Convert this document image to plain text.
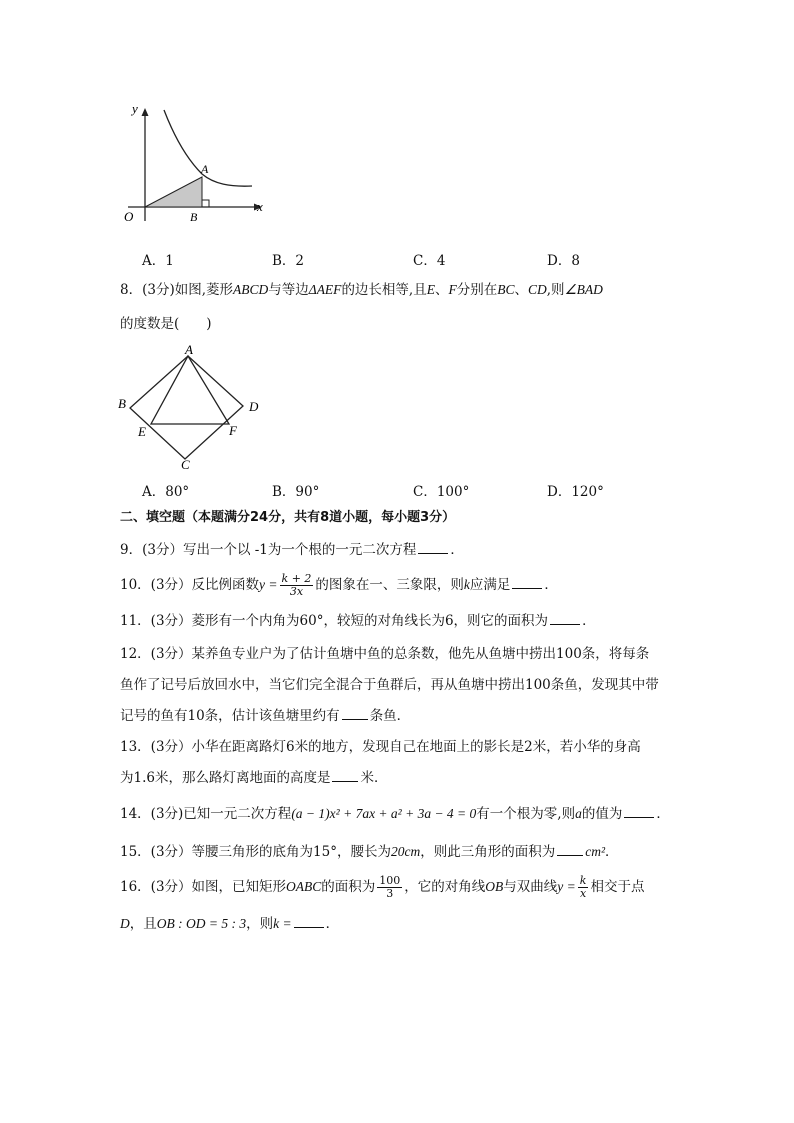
y
x
O
A
B
A．1	B．2	C．4	D．8
8．(3分)如图,菱形ABCD与等边ΔAEF的边长相等,且E、F分别在BC、CD,则∠BAD
的度数是(　　)
A
B	D
E	F
C
A．80°	B．90°	C．100°	D．120°
二、填空题（本题满分24分，共有8道小题，每小题3分）
9．(3分）写出一个以 -1为一个根的一元二次方程	．
10．(3分）反比例函数$y = \frac{k + 2}{3x}$ 的图象在一、三象限，则k应满足	．
11．(3分）菱形有一个内角为60°，较短的对角线长为6，则它的面积为	．
12．(3分）某养鱼专业户为了估计鱼塘中鱼的总条数，他先从鱼塘中捞出100条，将每条
鱼作了记号后放回水中，当它们完全混合于鱼群后，再从鱼塘中捞出100条鱼，发现其中带
记号的鱼有10条，估计该鱼塘里约有 条鱼．
13．(3分）小华在距离路灯6米的地方，发现自己在地面上的影长是2米，若小华的身高
为1.6米，那么路灯离地面的高度是 米．
14．(3分)已知一元二次方程(a − 1)x² + 7ax + a² + 3a − 4 = 0有一个根为零,则a的值为	．
15．(3分）等腰三角形的底角为15°，腰长为20cm，则此三角形的面积为 cm²．
16．(3分）如图，已知矩形OABC的面积为 $\frac{100}{3}$ ，它的对角线OB与双曲线$y = \frac{k}{x}$ 相交于点
D，且OB : OD = 5 : 3，则k =	．
